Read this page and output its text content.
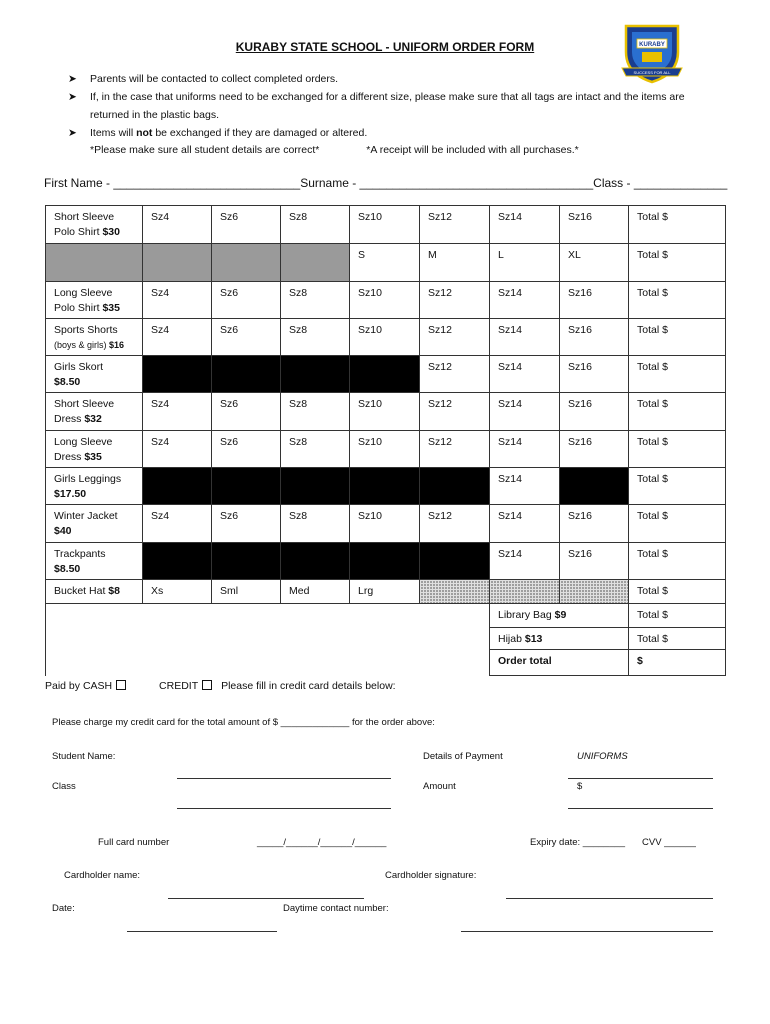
KURABY STATE SCHOOL - UNIFORM ORDER FORM	KURABY
SUCCESS FOR ALL
➤ Parents will be contacted to collect completed orders.
➤ If, in the case that uniforms need to be exchanged for a different size, please make sure that all tags are intact and the items are returned in the plastic bags.
➤ Items will not be exchanged if they are damaged or altered.
*Please make sure all student details are correct*	*A receipt will be included with all purchases.*
First Name - ____________________________Surname - ___________________________________Class - ______________
Short Sleeve Polo Shirt $30	Sz4	Sz6	Sz8	Sz10	Sz12	Sz14	Sz16	Total $
				S	M	L	XL	Total $
Long Sleeve Polo Shirt $35	Sz4	Sz6	Sz8	Sz10	Sz12	Sz14	Sz16	Total $
Sports Shorts
(boys & girls) $16	Sz4	Sz6	Sz8	Sz10	Sz12	Sz14	Sz16	Total $
Girls Skort
$8.50					Sz12	Sz14	Sz16	Total $
Short Sleeve Dress $32	Sz4	Sz6	Sz8	Sz10	Sz12	Sz14	Sz16	Total $
Long Sleeve Dress $35	Sz4	Sz6	Sz8	Sz10	Sz12	Sz14	Sz16	Total $
Girls Leggings
$17.50						Sz14		Total $
Winter Jacket
$40	Sz4	Sz6	Sz8	Sz10	Sz12	Sz14	Sz16	Total $
Trackpants
$8.50						Sz14	Sz16	Total $
Bucket Hat $8	Xs	Sml	Med	Lrg				Total $
						Library Bag $9		Total $
						Hijab $13		Total $
						Order total		$
Paid by CASH	CREDIT Please fill in credit card details below:
Please charge my credit card for the total amount of $ _____________ for the order above:
Student Name:	Details of Payment	UNIFORMS
Class	Amount	$
Full card number	_____/______/______/______	Expiry date: ________ CVV ______
Cardholder name:	Cardholder signature:
Date:	Daytime contact number:
